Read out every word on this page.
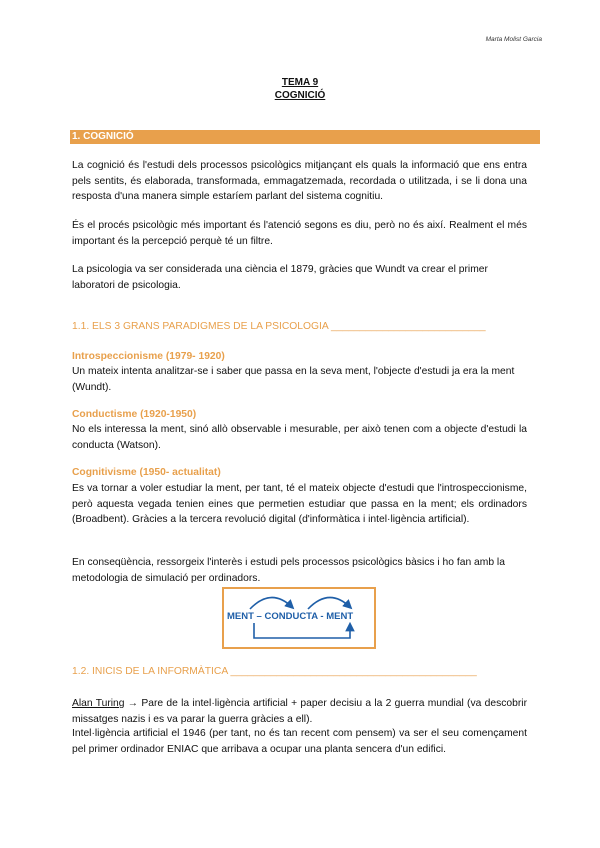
Marta Molist Garcia
TEMA 9
COGNICIÓ
1. COGNICIÓ

La cognició és l'estudi dels processos psicològics mitjançant els quals la informació que ens entra pels sentits, és elaborada, transformada, emmagatzemada, recordada o utilitzada, i se li dona una resposta d'una manera simple estaríem parlant del sistema cognitiu.

És el procés psicològic més important és l'atenció segons es diu, però no és així. Realment el més important és la percepció perquè té un filtre.

La psicologia va ser considerada una ciència el 1879, gràcies que Wundt va crear el primer laboratori de psicologia.

1.1. ELS 3 GRANS PARADIGMES DE LA PSICOLOGIA ___________________________
Introspeccionisme (1979- 1920)

Un mateix intenta analitzar-se i saber que passa en la seva ment, l'objecte d'estudi ja era la ment (Wundt).

Conductisme (1920-1950)

No els interessa la ment, sinó allò observable i mesurable, per això tenen com a objecte d'estudi la conducta (Watson).

Cognitivisme (1950- actualitat)

Es va tornar a voler estudiar la ment, per tant, té el mateix objecte d'estudi que l'introspeccionisme, però aquesta vegada tenien eines que permetien estudiar que passa en la ment; els ordinadors (Broadbent). Gràcies a la tercera revolució digital (d'informàtica i intel·ligència artificial).

En conseqüència, ressorgeix l'interès i estudi pels processos psicològics bàsics i ho fan amb la metodologia de simulació per ordinadors.

MENT – CONDUCTA - MENT
1.2. INICIS DE LA INFORMÀTICA ___________________________________________

Alan Turing → Pare de la intel·ligència artificial + paper decisiu a la 2 guerra mundial (va descobrir missatges nazis i es va parar la guerra gràcies a ell).

Intel·ligència artificial el 1946 (per tant, no és tan recent com pensem) va ser el seu començament pel primer ordinador ENIAC que arribava a ocupar una planta sencera d'un edifici.
